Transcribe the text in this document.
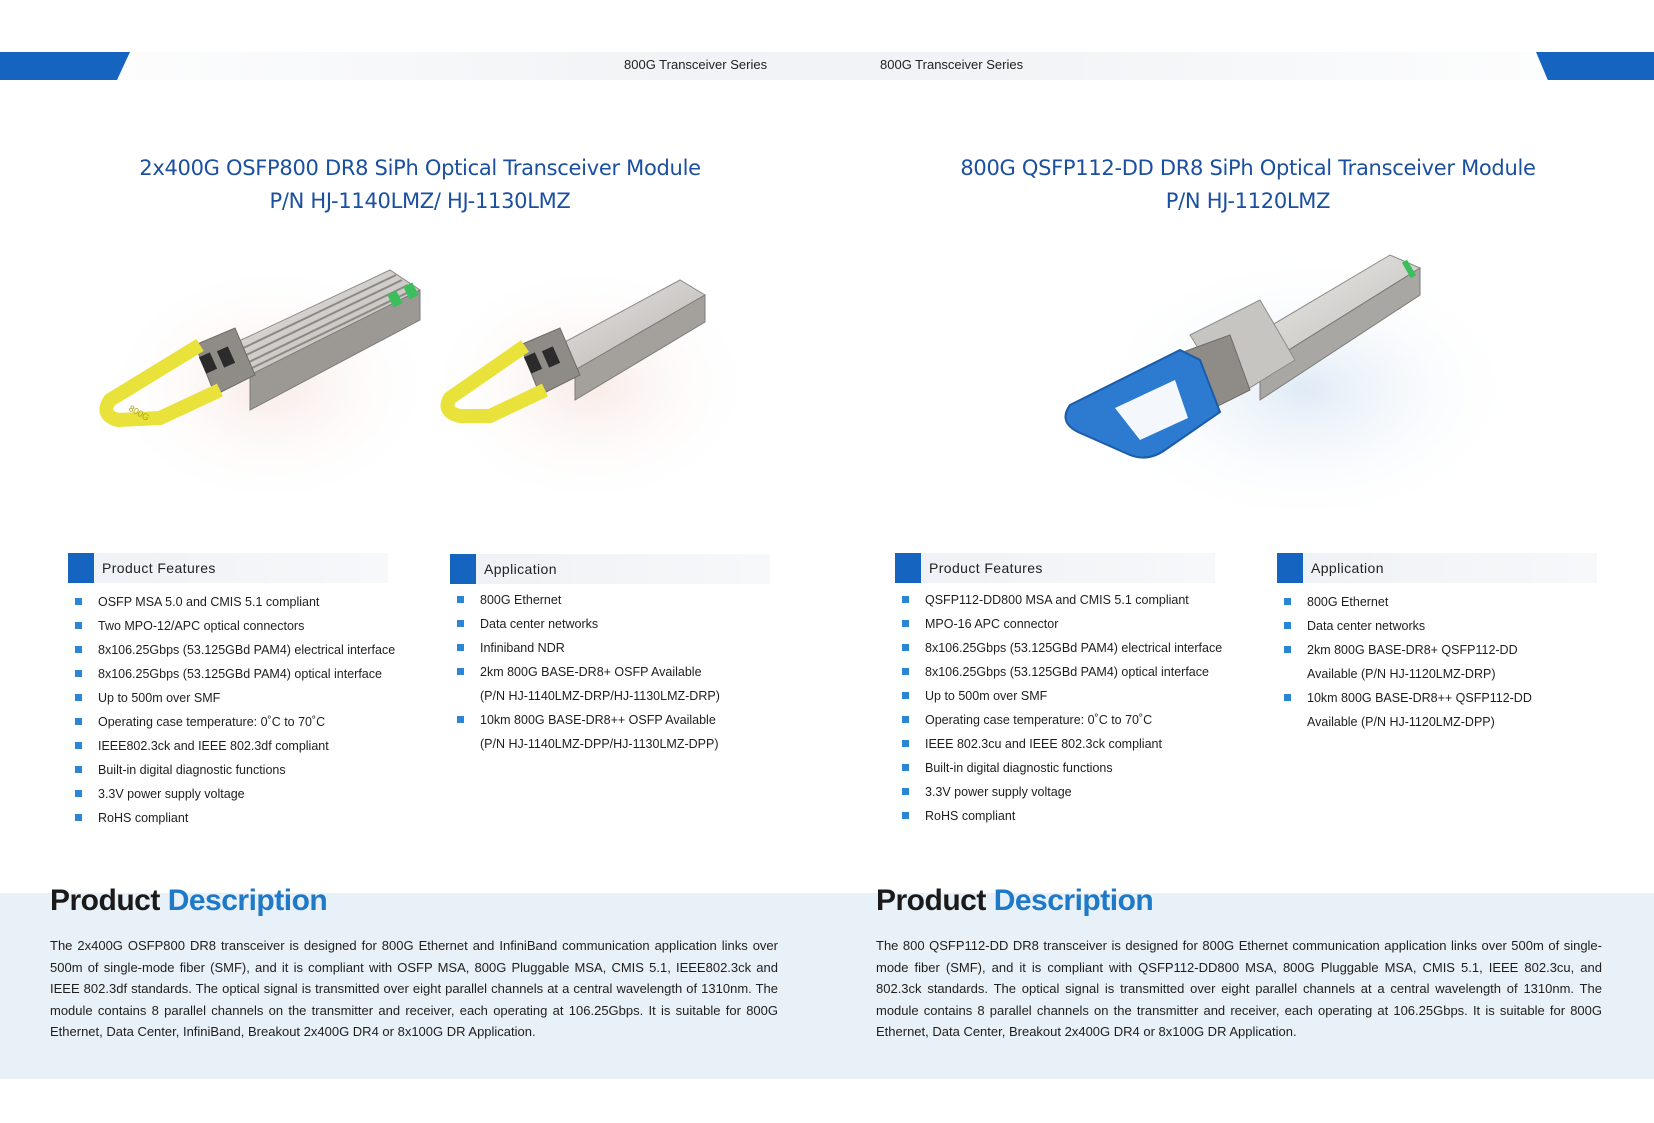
800G Transceiver Series	800G Transceiver Series
2x400G OSFP800 DR8 SiPh Optical Transceiver Module
P/N HJ-1140LMZ/ HJ-1130LMZ
800G QSFP112-DD DR8 SiPh Optical Transceiver Module
P/N HJ-1120LMZ
800G
Product Features
OSFP MSA 5.0 and CMIS 5.1 compliant
Two MPO-12/APC optical connectors
8x106.25Gbps (53.125GBd PAM4) electrical interface
8x106.25Gbps (53.125GBd PAM4) optical interface
Up to 500m over SMF
Operating case temperature: 0˚C to 70˚C
IEEE802.3ck and IEEE 802.3df compliant
Built-in digital diagnostic functions
3.3V power supply voltage
RoHS compliant
Application
800G Ethernet
Data center networks
Infiniband NDR
2km 800G BASE-DR8+ OSFP Available
(P/N HJ-1140LMZ-DRP/HJ-1130LMZ-DRP)
10km 800G BASE-DR8++ OSFP Available
(P/N HJ-1140LMZ-DPP/HJ-1130LMZ-DPP)
Product Features
QSFP112-DD800 MSA and CMIS 5.1 compliant
MPO-16 APC connector
8x106.25Gbps (53.125GBd PAM4) electrical interface
8x106.25Gbps (53.125GBd PAM4) optical interface
Up to 500m over SMF
Operating case temperature: 0˚C to 70˚C
IEEE 802.3cu and IEEE 802.3ck compliant
Built-in digital diagnostic functions
3.3V power supply voltage
RoHS compliant
Application
800G Ethernet
Data center networks
2km 800G BASE-DR8+ QSFP112-DD
Available (P/N HJ-1120LMZ-DRP)
10km 800G BASE-DR8++ QSFP112-DD
Available (P/N HJ-1120LMZ-DPP)
Product Description
The 2x400G OSFP800 DR8 transceiver is designed for 800G Ethernet and InfiniBand communication application links over 500m of single-mode fiber (SMF), and it is compliant with OSFP MSA, 800G Pluggable MSA, CMIS 5.1, IEEE802.3ck and IEEE 802.3df standards. The optical signal is transmitted over eight parallel channels at a central wavelength of 1310nm. The module contains 8 parallel channels on the transmitter and receiver, each operating at 106.25Gbps. It is suitable for 800G Ethernet, Data Center, InfiniBand, Breakout 2x400G DR4 or 8x100G DR Application.
Product Description
The 800 QSFP112-DD DR8 transceiver is designed for 800G Ethernet communication application links over 500m of single-mode fiber (SMF), and it is compliant with QSFP112-DD800 MSA, 800G Pluggable MSA, CMIS 5.1, IEEE 802.3cu, and 802.3ck standards. The optical signal is transmitted over eight parallel channels at a central wavelength of 1310nm. The module contains 8 parallel channels on the transmitter and receiver, each operating at 106.25Gbps. It is suitable for 800G Ethernet, Data Center, Breakout 2x400G DR4 or 8x100G DR Application.
